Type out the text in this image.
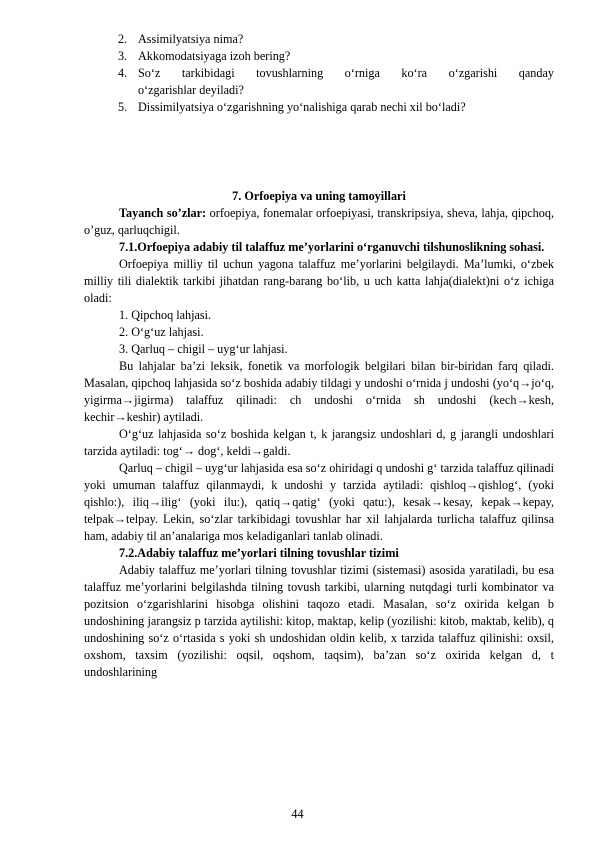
2. Assimilyatsiya nima?
3. Akkomodatsiyaga izoh bering?
4. So‘z tarkibidagi tovushlarning o‘rniga ko‘ra o‘zgarishi qanday
o‘zgarishlar deyiladi?
5. Dissimilyatsiya o‘zgarishning yo‘nalishiga qarab nechi xil bo‘ladi?

7. Orfoepiya va uning tamoyillari

Tayanch so’zlar: orfoepiya, fonemalar orfoepiyasi, transkripsiya, sheva, lahja, qipchoq, o’guz, qarluqchigil.

7.1.Orfoepiya adabiy til talaffuz me’yorlarini o‘rganuvchi tilshunoslikning sohasi.

Orfoepiya milliy til uchun yagona talaffuz me’yorlarini belgilaydi. Ma’lumki, o‘zbek milliy tili dialektik tarkibi jihatdan rang-barang bo‘lib, u uch katta lahja(dialekt)ni o‘z ichiga oladi:

1. Qipchoq lahjasi.

2. O‘g‘uz lahjasi.

3. Qarluq – chigil – uyg‘ur lahjasi.

Bu lahjalar ba’zi leksik, fonetik va morfologik belgilari bilan bir-biridan farq qiladi. Masalan, qipchoq lahjasida so‘z boshida adabiy tildagi y undoshi o‘rnida j undoshi (yo‘q→jo‘q, yigirma→jigirma) talaffuz qilinadi: ch undoshi o‘rnida sh undoshi (kech→kesh, kechir→keshir) aytiladi.

O‘g‘uz lahjasida so‘z boshida kelgan t, k jarangsiz undoshlari d, g jarangli undoshlari tarzida aytiladi: tog‘→ dog‘, keldi→galdi.

Qarluq – chigil – uyg‘ur lahjasida esa so‘z ohiridagi q undoshi g‘ tarzida talaffuz qilinadi yoki umuman talaffuz qilanmaydi, k undoshi y tarzida aytiladi: qishloq→qishlog‘, (yoki qishlo:), iliq→ilig‘ (yoki ilu:), qatiq→qatig‘ (yoki qatu:), kesak→kesay, kepak→kepay, telpak→telpay. Lekin, so‘zlar tarkibidagi tovushlar har xil lahjalarda turlicha talaffuz qilinsa ham, adabiy til an’analariga mos keladiganlari tanlab olinadi.

7.2.Adabiy talaffuz me’yorlari tilning tovushlar tizimi

Adabiy talaffuz me’yorlari tilning tovushlar tizimi (sistemasi) asosida yaratiladi, bu esa talaffuz me’yorlarini belgilashda tilning tovush tarkibi, ularning nutqdagi turli kombinator va pozitsion o‘zgarishlarini hisobga olishini taqozo etadi. Masalan, so‘z oxirida kelgan b undoshining jarangsiz p tarzida aytilishi: kitop, maktap, kelip (yozilishi: kitob, maktab, kelib), q undoshining so‘z o‘rtasida s yoki sh undoshidan oldin kelib, x tarzida talaffuz qilinishi: oxsil, oxshom, taxsim (yozilishi: oqsil, oqshom, taqsim), ba’zan so‘z oxirida kelgan d, t undoshlarining

44
